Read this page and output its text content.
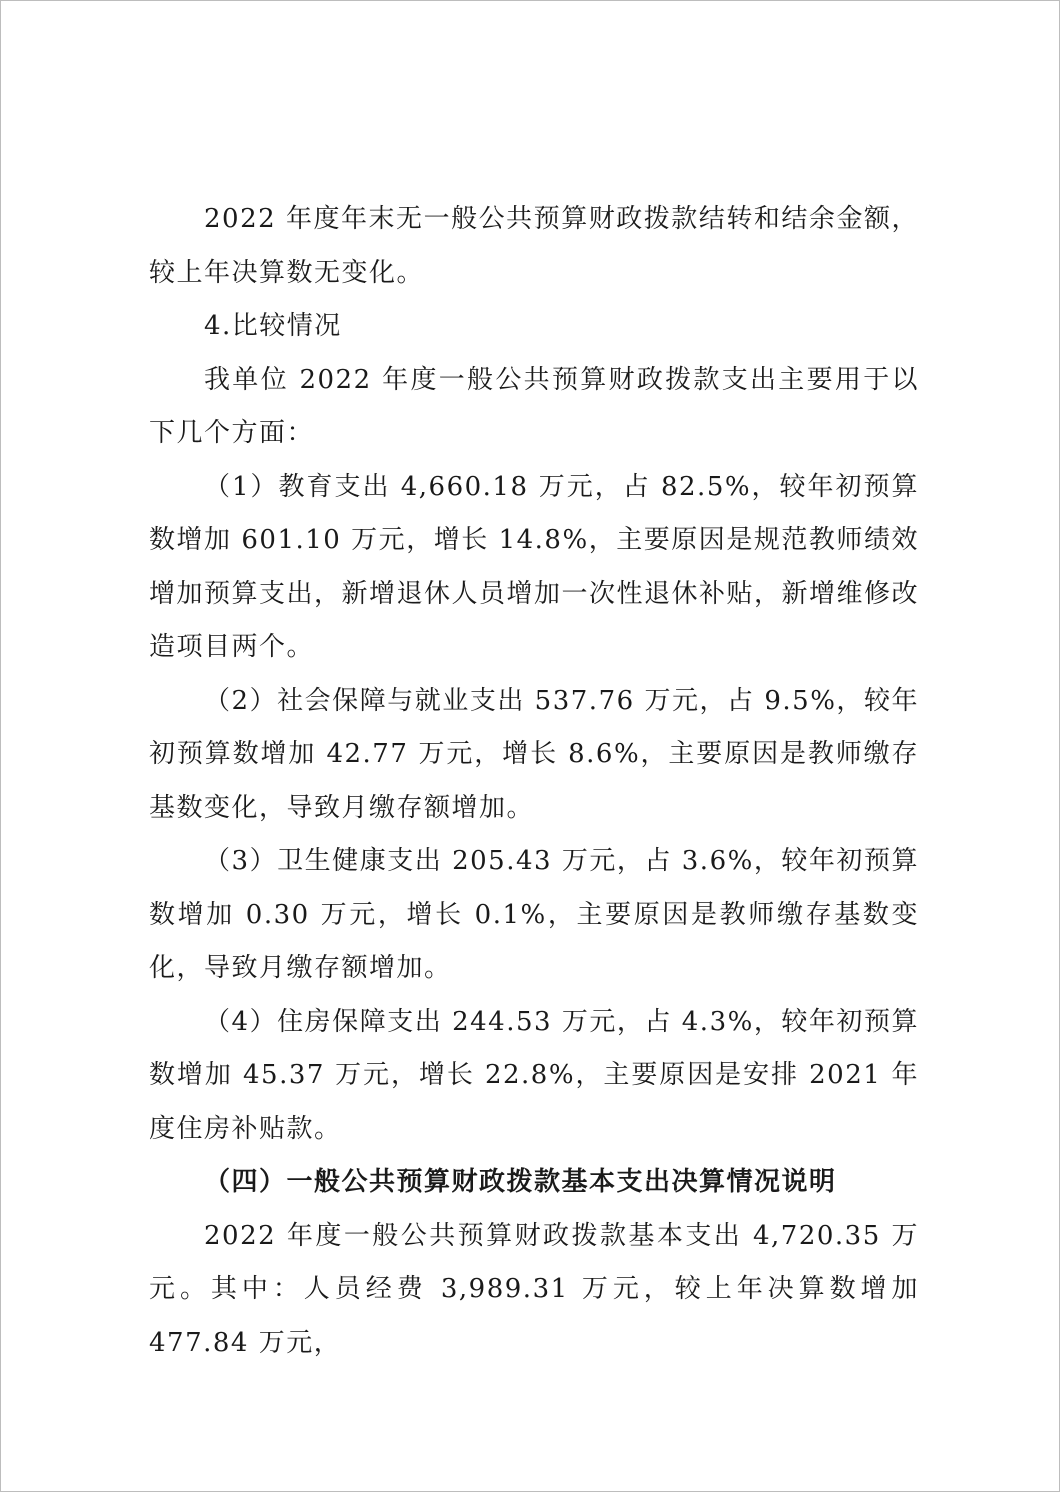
2022 年度年末无一般公共预算财政拨款结转和结余金额，较上年决算数无变化。

4.比较情况

我单位 2022 年度一般公共预算财政拨款支出主要用于以下几个方面：

（1）教育支出 4,660.18 万元，占 82.5%，较年初预算数增加 601.10 万元，增长 14.8%，主要原因是规范教师绩效增加预算支出，新增退休人员增加一次性退休补贴，新增维修改造项目两个。

（2）社会保障与就业支出 537.76 万元，占 9.5%，较年初预算数增加 42.77 万元，增长 8.6%，主要原因是教师缴存基数变化，导致月缴存额增加。

（3）卫生健康支出 205.43 万元，占 3.6%，较年初预算数增加 0.30 万元，增长 0.1%，主要原因是教师缴存基数变化，导致月缴存额增加。

（4）住房保障支出 244.53 万元，占 4.3%，较年初预算数增加 45.37 万元，增长 22.8%，主要原因是安排 2021 年度住房补贴款。

（四）一般公共预算财政拨款基本支出决算情况说明

2022 年度一般公共预算财政拨款基本支出 4,720.35 万元。其中：人员经费 3,989.31 万元，较上年决算数增加 477.84 万元，
